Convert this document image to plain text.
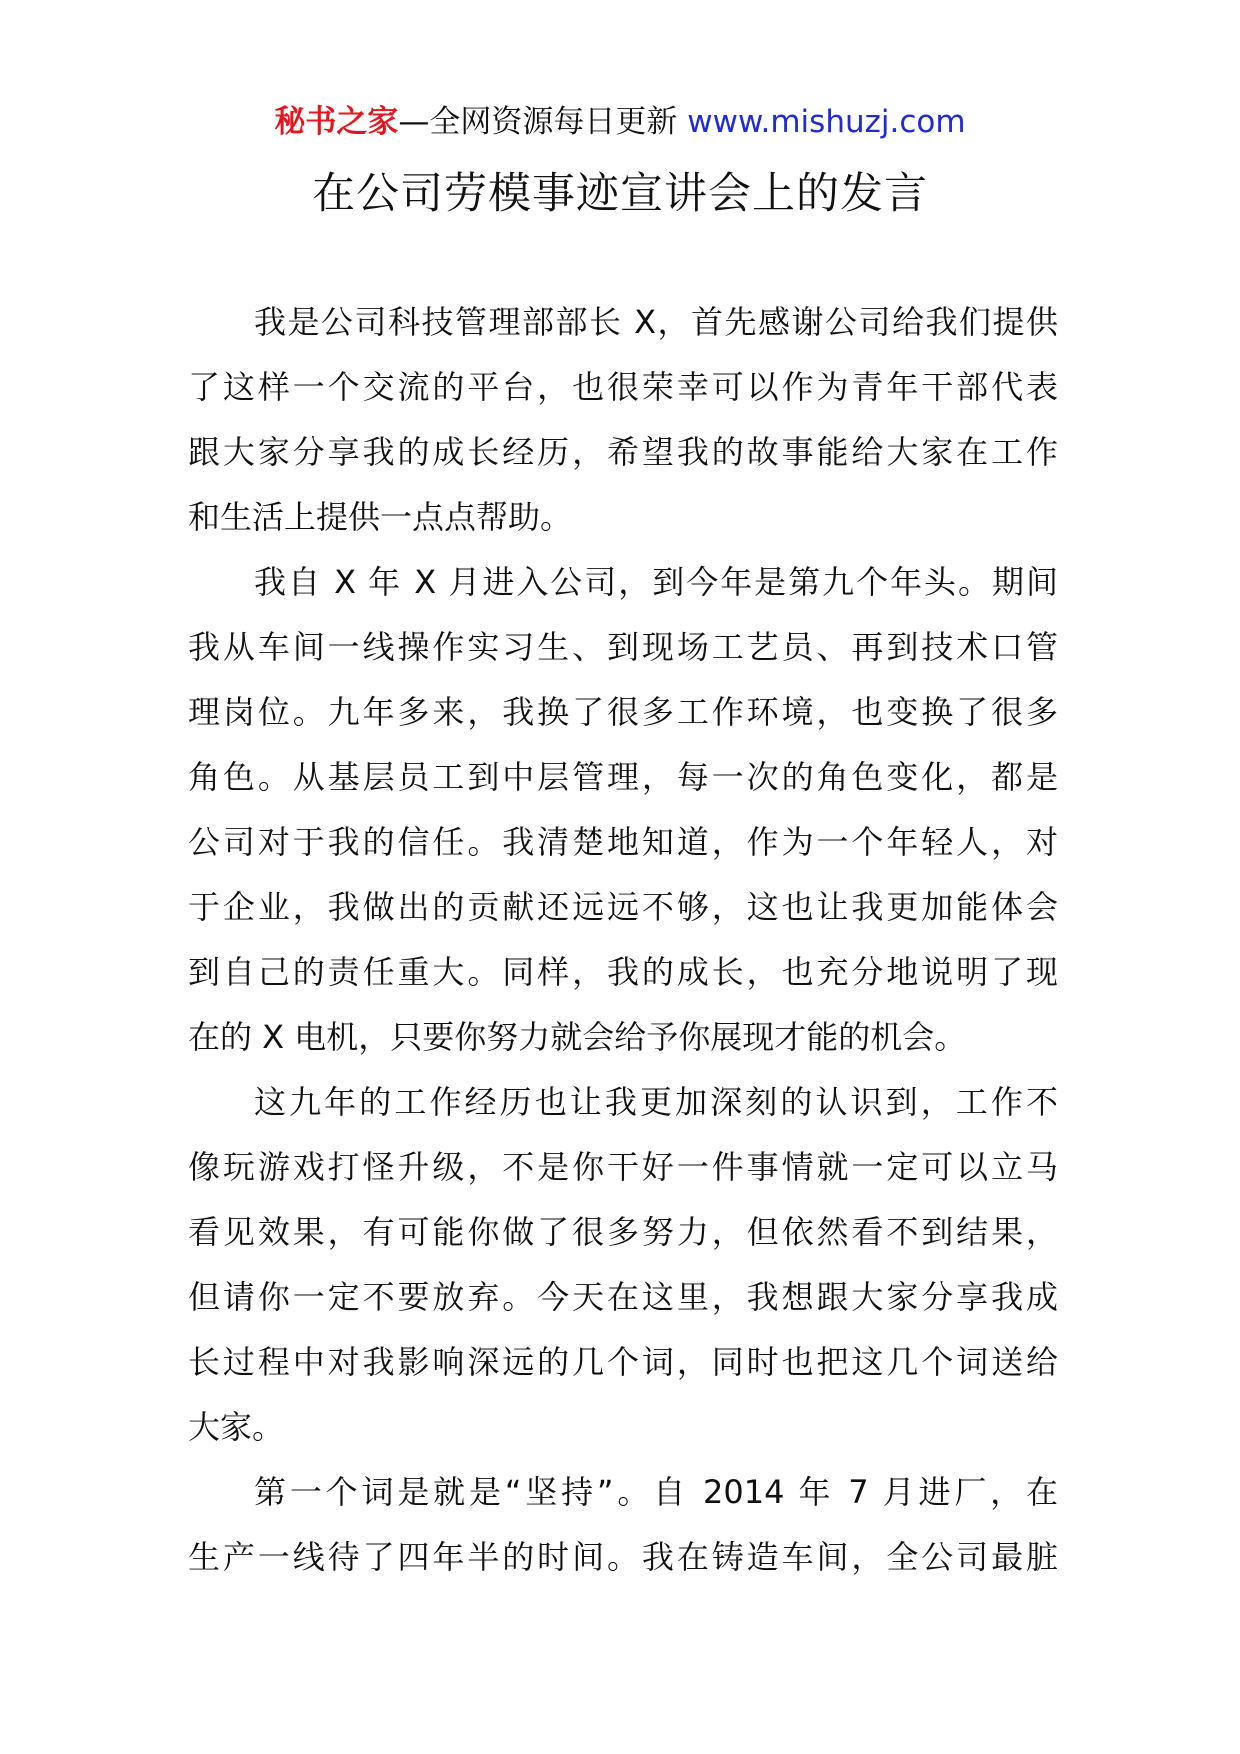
秘书之家—全网资源每日更新 www.mishuzj.com
在公司劳模事迹宣讲会上的发言
我是公司科技管理部部长 X，首先感谢公司给我们提供
了这样一个交流的平台，也很荣幸可以作为青年干部代表
跟大家分享我的成长经历，希望我的故事能给大家在工作
和生活上提供一点点帮助。
我自 X 年 X 月进入公司，到今年是第九个年头。期间
我从车间一线操作实习生、到现场工艺员、再到技术口管
理岗位。九年多来，我换了很多工作环境，也变换了很多
角色。从基层员工到中层管理，每一次的角色变化，都是
公司对于我的信任。我清楚地知道，作为一个年轻人，对
于企业，我做出的贡献还远远不够，这也让我更加能体会
到自己的责任重大。同样，我的成长，也充分地说明了现
在的 X 电机，只要你努力就会给予你展现才能的机会。
这九年的工作经历也让我更加深刻的认识到，工作不
像玩游戏打怪升级，不是你干好一件事情就一定可以立马
看见效果，有可能你做了很多努力，但依然看不到结果，
但请你一定不要放弃。今天在这里，我想跟大家分享我成
长过程中对我影响深远的几个词，同时也把这几个词送给
大家。
第一个词是就是“坚持”。自 2014 年 7 月进厂，在
生产一线待了四年半的时间。我在铸造车间，全公司最脏
